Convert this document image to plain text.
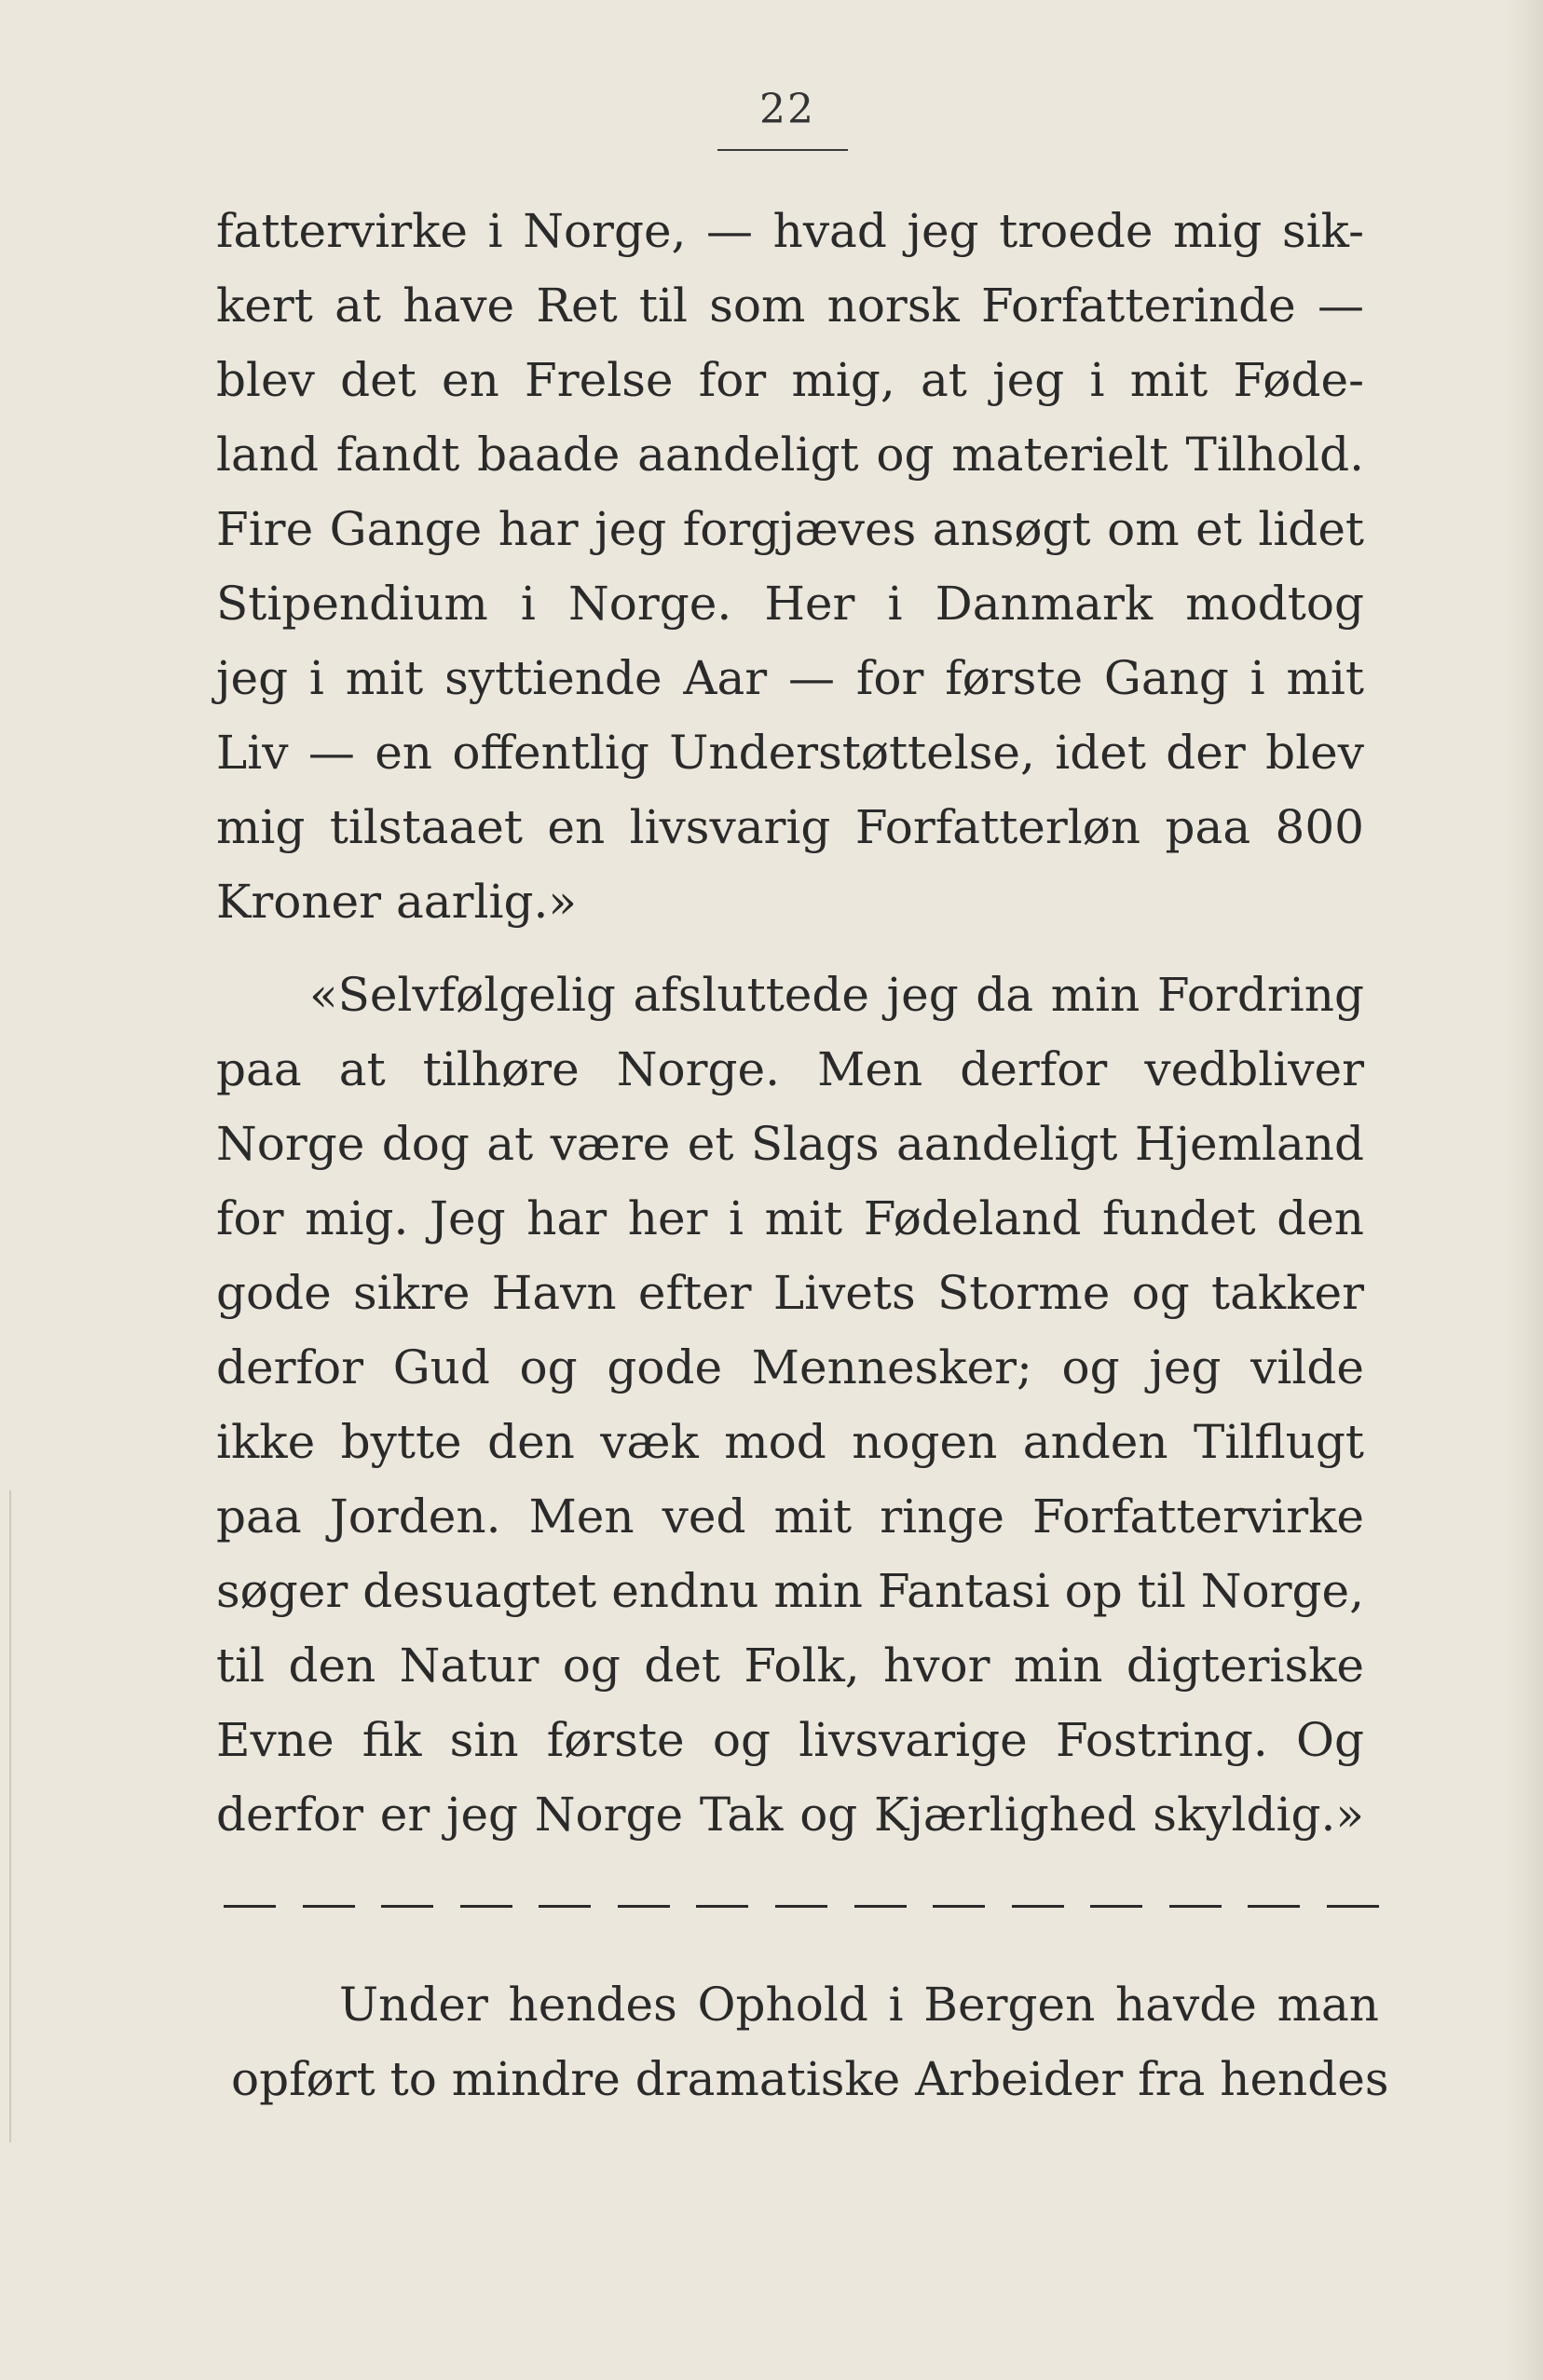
22
fattervirke i Norge, — hvad jeg troede mig sik-
kert at have Ret til som norsk Forfatterinde —
blev det en Frelse for mig, at jeg i mit Føde-
land fandt baade aandeligt og materielt Tilhold.
Fire Gange har jeg forgjæves ansøgt om et lidet
Stipendium i Norge. Her i Danmark modtog
jeg i mit syttiende Aar — for første Gang i mit
Liv — en offentlig Understøttelse, idet der blev
mig tilstaaet en livsvarig Forfatterløn paa 800
Kroner aarlig.»
«Selvfølgelig afsluttede jeg da min Fordring
paa at tilhøre Norge. Men derfor vedbliver
Norge dog at være et Slags aandeligt Hjemland
for mig. Jeg har her i mit Fødeland fundet den
gode sikre Havn efter Livets Storme og takker
derfor Gud og gode Mennesker; og jeg vilde
ikke bytte den væk mod nogen anden Tilflugt
paa Jorden. Men ved mit ringe Forfattervirke
søger desuagtet endnu min Fantasi op til Norge,
til den Natur og det Folk, hvor min digteriske
Evne fik sin første og livsvarige Fostring. Og
derfor er jeg Norge Tak og Kjærlighed skyldig.»
Under hendes Ophold i Bergen havde man
opført to mindre dramatiske Arbeider fra hendes
